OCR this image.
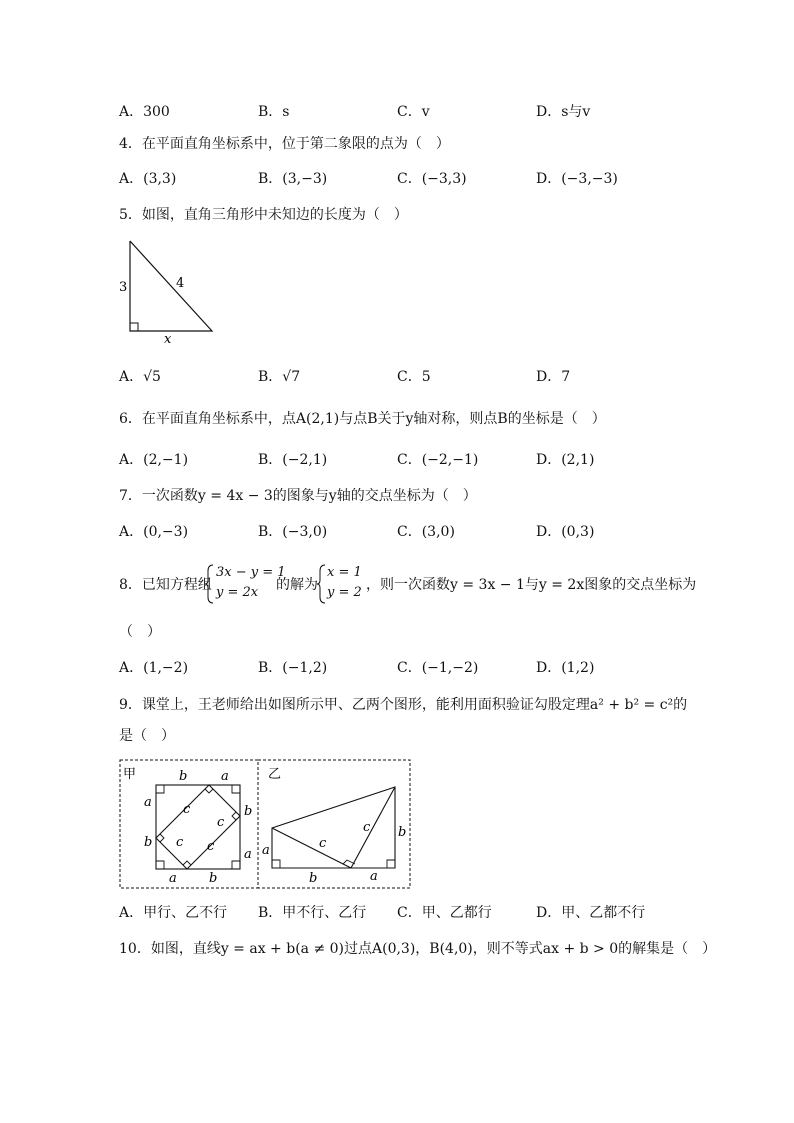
A．300	B．s	C．v	D．s与v
4．在平面直角坐标系中，位于第二象限的点为（　）
A．(3,3)	B．(3,−3)	C．(−3,3)	D．(−3,−3)
5．如图，直角三角形中未知边的长度为（　）
3	4
x
A．√5	B．√7	C．5	D．7
6．在平面直角坐标系中，点A(2,1)与点B关于y轴对称，则点B的坐标是（　）
A．(2,−1)	B．(−2,1)	C．(−2,−1)	D．(2,1)
7．一次函数y = 4x − 3的图象与y轴的交点坐标为（　）
A．(0,−3)	B．(−3,0)	C．(3,0)	D．(0,3)
8．已知方程组
3x − y = 1
y = 2x 的解为
x = 1
y = 2 ，则一次函数y = 3x − 1与y = 2x图象的交点坐标为
（　）
A．(1,−2)	B．(−1,2)	C．(−1,−2)	D．(1,2)
9．课堂上，王老师给出如图所示甲、乙两个图形，能利用面积验证勾股定理a² + b² = c²的
是（　）
甲	乙
b	a
a
b
b
a
a b
c
c
c c	a
b	a
b
c
c
A．甲行、乙不行 B．甲不行、乙行 C．甲、乙都行	D．甲、乙都不行
10．如图，直线y = ax + b(a ≠ 0)过点A(0,3)，B(4,0)，则不等式ax + b > 0的解集是（　）
